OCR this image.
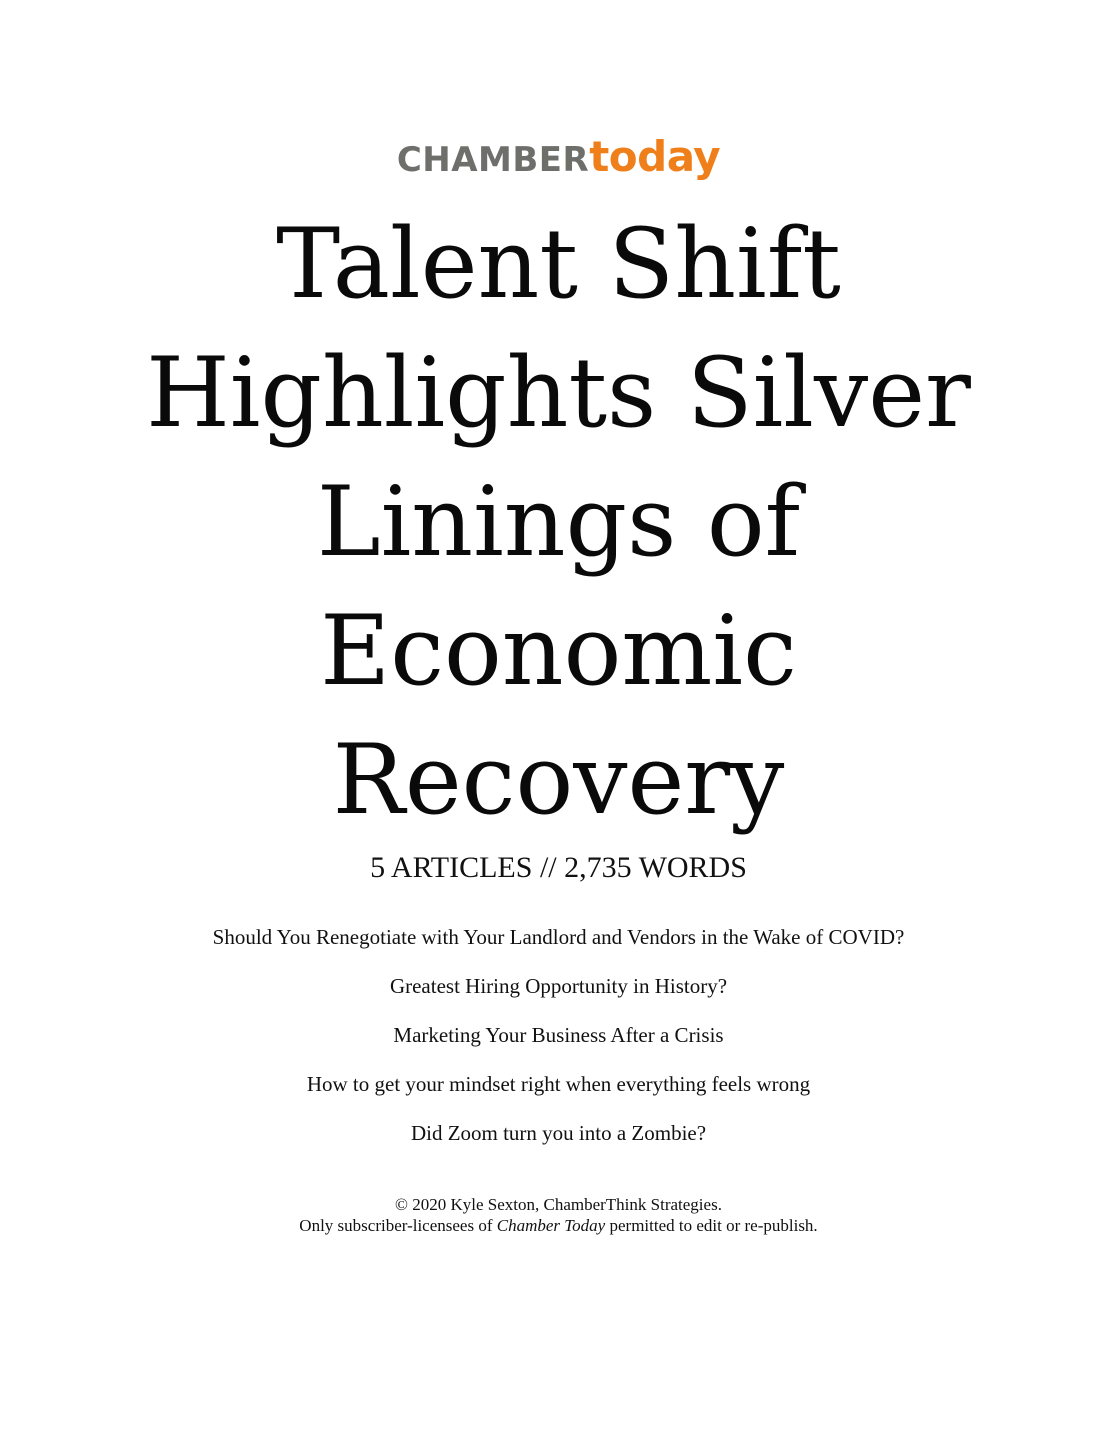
CHAMBERtoday
Talent Shift
Highlights Silver
Linings of
Economic
Recovery
5 ARTICLES // 2,735 WORDS
Should You Renegotiate with Your Landlord and Vendors in the Wake of COVID?
Greatest Hiring Opportunity in History?
Marketing Your Business After a Crisis
How to get your mindset right when everything feels wrong
Did Zoom turn you into a Zombie?
© 2020 Kyle Sexton, ChamberThink Strategies.
Only subscriber-licensees of Chamber Today permitted to edit or re-publish.
